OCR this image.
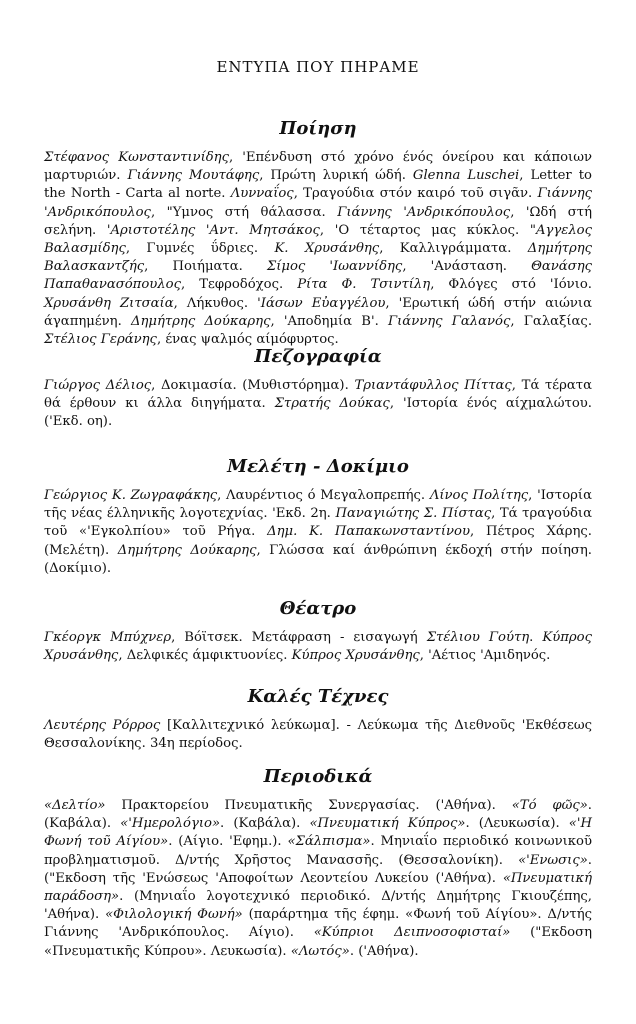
ΕΝΤΥΠΑ ΠΟΥ ΠΗΡΑΜΕ
Ποίηση

Στέφανος Κωνσταντινίδης, 'Επένδυση στό χρόνο ένός όνείρου και κάποιων μαρτυριών. Γιάννης Μουτάφης, Πρώτη λυρική ώδή. Glenna Luschei, Letter to the North - Carta al norte. Λυνναΐος, Τραγούδια στόν καιρό τοῦ σιγᾶν. Γιάννης 'Ανδρικόπουλος, "Υμνος στή θάλασσα. Γιάννης 'Ανδρικόπουλος, 'Ωδή στή σελήνη. 'Αριστοτέλης 'Αντ. Μητσάκος, 'Ο τέταρτος μας κύκλος. "Αγγελος Βαλασμίδης, Γυμνές ΰδριες. Κ. Χρυσάνθης, Καλλιγράμματα. Δημήτρης Βαλασκαντζής, Ποιήματα. Σίμος 'Ιωαννίδης, 'Ανάσταση. Θανάσης Παπαθανασόπουλος, Τεφροδόχος. Ρίτα Φ. Τσιντίλη, Φλόγες στό 'Ιόνιο. Χρυσάνθη Ζιτσαία, Λήκυθος. 'Ιάσων Εὐαγγέλου, 'Ερωτική ώδή στήν αιώνια άγαπημένη. Δημήτρης Δούκαρης, 'Αποδημία Β'. Γιάννης Γαλανός, Γαλαξίας. Στέλιος Γεράνης, ένας ψαλμός αίμόφυρτος.

Πεζογραφία

Γιώργος Δέλιος, Δοκιμασία. (Μυθιστόρημα). Τριαντάφυλλος Πίττας, Τά τέρατα θά έρθουν κι άλλα διηγήματα. Στρατής Δούκας, 'Ιστορία ένός αίχμαλώτου. ('Εκδ. οη).

Μελέτη - Δοκίμιο

Γεώργιος Κ. Ζωγραφάκης, Λαυρέντιος ό Μεγαλοπρεπής. Λίνος Πολίτης, 'Ιστορία τῆς νέας έλληνικῆς λογοτεχνίας. 'Εκδ. 2η. Παναγιώτης Σ. Πίστας, Τά τραγούδια τοῦ «'Εγκολπίου» τοῦ Ρήγα. Δημ. Κ. Παπακωνσταντίνου, Πέτρος Χάρης. (Μελέτη). Δημήτρης Δούκαρης, Γλώσσα καί άνθρώπινη έκδοχή στήν ποίηση. (Δοκίμιο).

Θέατρο

Γκέοργκ Μπύχνερ, Βόϊτσεκ. Μετάφραση - εισαγωγή Στέλιου Γούτη. Κύπρος Χρυσάνθης, Δελφικές άμφικτυονίες. Κύπρος Χρυσάνθης, 'Αέτιος 'Αμιδηνός.

Καλές Τέχνες

Λευτέρης Ρόρρος [Καλλιτεχνικό λεύκωμα]. - Λεύκωμα τῆς Διεθνοῦς 'Εκθέσεως Θεσσαλονίκης. 34η περίοδος.

Περιοδικά

«Δελτίο» Πρακτορείου Πνευματικῆς Συνεργασίας. ('Αθήνα). «Τό φῶς». (Καβάλα). «'Ημερολόγιο». (Καβάλα). «Πνευματική Κύπρος». (Λευκωσία). «'Η Φωνή τοῦ Αίγίου». (Αίγιο. 'Εφημ.). «Σάλπισμα». Μηνιαΐο περιοδικό κοινωνικοῦ προβληματισμοῦ. Δ/ντής Χρῆστος Μανασσῆς. (Θεσσαλονίκη). «'Ενωσις». ("Εκδοση τῆς 'Ενώσεως 'Αποφοίτων Λεοντείου Λυκείου ('Αθήνα). «Πνευματική παράδοση». (Μηνιαΐο λογοτεχνικό περιοδικό. Δ/ντής Δημήτρης Γκιουζέπης, 'Αθήνα). «Φιλολογική Φωνή» (παράρτημα τῆς έφημ. «Φωνή τοῦ Αίγίου». Δ/ντής Γιάννης 'Ανδρικόπουλος. Αίγιο). «Κύπριοι Δειπνοσοφισταί» ("Εκδοση «Πνευματικῆς Κύπρου». Λευκωσία). «Λωτός». ('Αθήνα).
